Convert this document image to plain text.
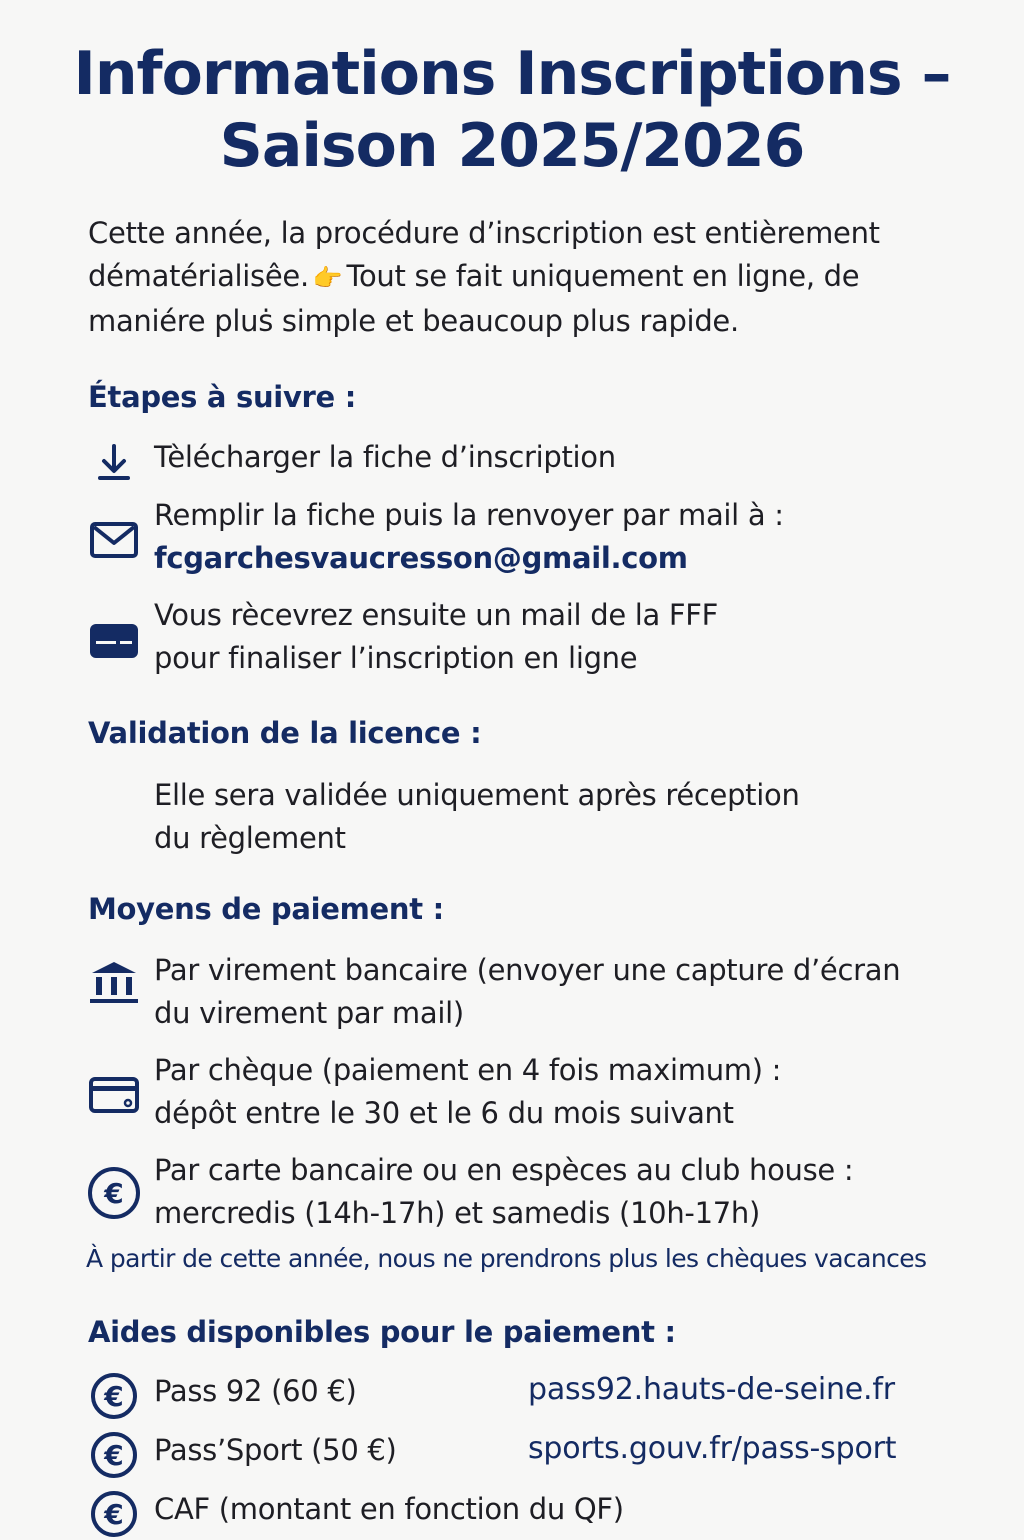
Informations Inscriptions –
Saison 2025/2026

Cette année, la procédure d’inscription est entièrement
dématérialisêe. 👉 Tout se fait uniquement en ligne, de
maniére pluṡ simple et beaucoup plus rapide.

Étapes à suivre :
Tèlécharger la fiche d’inscription
Remplir la fiche puis la renvoyer par mail à :
fcgarchesvaucresson@gmail.com
Vous rècevrez ensuite un mail de la FFF
pour finaliser l’inscription en ligne
Validation de la licence :
Elle sera validée uniquement après réception
du règlement
Moyens de paiement :
Par virement bancaire (envoyer une capture d’écran
du virement par mail)
Par chèque (paiement en 4 fois maximum) :
dépôt entre le 30 et le 6 du mois suivant
€
Par carte bancaire ou en espèces au club house :
mercredis (14h-17h) et samedis (10h-17h)

À partir de cette année, nous ne prendrons plus les chèques vacances

Aides disponibles pour le paiement :
€	Pass 92 (60 €)	pass92.hauts-de-seine.fr
€	Pass’Sport (50 €)	sports.gouv.fr/pass-sport
€	CAF (montant en fonction du QF)
